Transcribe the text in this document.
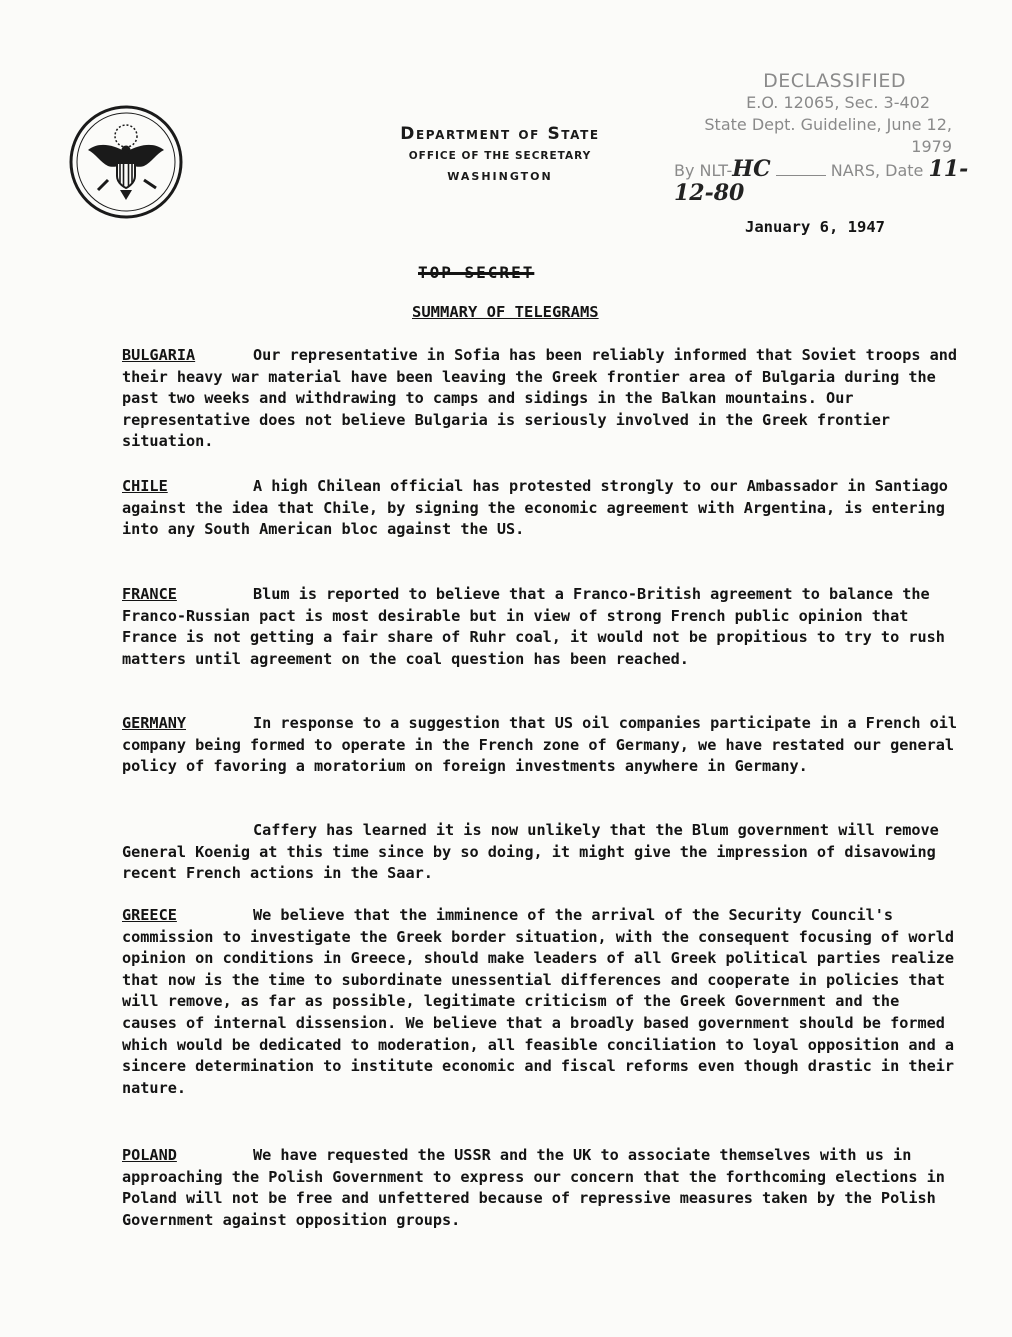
Department of State
OFFICE OF THE SECRETARY
WASHINGTON
DECLASSIFIED
E.O. 12065, Sec. 3-402
State Dept. Guideline, June 12, 1979
By NLT-HC	NARS, Date 11-12-80
January 6, 1947
TOP SECRET
SUMMARY OF TELEGRAMS
BULGARIA	Our representative in Sofia has been reliably informed that Soviet troops and their heavy war material have been leaving the Greek frontier area of Bulgaria during the past two weeks and withdrawing to camps and sidings in the Balkan mountains. Our representative does not believe Bulgaria is seriously involved in the Greek frontier situation.

CHILE	A high Chilean official has protested strongly to our Ambassador in Santiago against the idea that Chile, by signing the economic agreement with Argentina, is entering into any South American bloc against the US.

FRANCE	Blum is reported to believe that a Franco-British agreement to balance the Franco-Russian pact is most desirable but in view of strong French public opinion that France is not getting a fair share of Ruhr coal, it would not be propitious to try to rush matters until agreement on the coal question has been reached.

GERMANY	In response to a suggestion that US oil companies participate in a French oil company being formed to operate in the French zone of Germany, we have restated our general policy of favoring a moratorium on foreign investments anywhere in Germany.

Caffery has learned it is now unlikely that the Blum government will remove General Koenig at this time since by so doing, it might give the impression of disavowing recent French actions in the Saar.

GREECE	We believe that the imminence of the arrival of the Security Council's commission to investigate the Greek border situation, with the consequent focusing of world opinion on conditions in Greece, should make leaders of all Greek political parties realize that now is the time to subordinate unessential differences and cooperate in policies that will remove, as far as possible, legitimate criticism of the Greek Government and the causes of internal dissension. We believe that a broadly based government should be formed which would be dedicated to moderation, all feasible conciliation to loyal opposition and a sincere determination to institute economic and fiscal reforms even though drastic in their nature.

POLAND	We have requested the USSR and the UK to associate themselves with us in approaching the Polish Government to express our concern that the forthcoming elections in Poland will not be free and unfettered because of repressive measures taken by the Polish Government against opposition groups.
